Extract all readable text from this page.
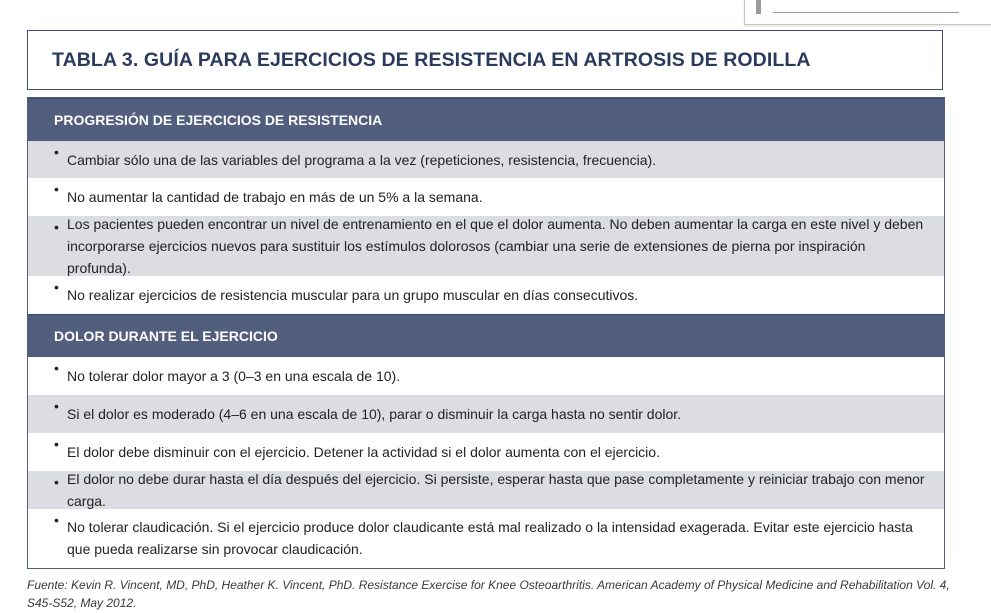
TABLA 3. GUÍA PARA EJERCICIOS DE RESISTENCIA EN ARTROSIS DE RODILLA
PROGRESIÓN DE EJERCICIOS DE RESISTENCIA
• Cambiar sólo una de las variables del programa a la vez (repeticiones, resistencia, frecuencia).
• No aumentar la cantidad de trabajo en más de un 5% a la semana.
• Los pacientes pueden encontrar un nivel de entrenamiento en el que el dolor aumenta. No deben aumentar la carga en este nivel y deben incorporarse ejercicios nuevos para sustituir los estímulos dolorosos (cambiar una serie de extensiones de pierna por inspiración profunda).
• No realizar ejercicios de resistencia muscular para un grupo muscular en días consecutivos.
DOLOR DURANTE EL EJERCICIO
• No tolerar dolor mayor a 3 (0–3 en una escala de 10).
• Si el dolor es moderado (4–6 en una escala de 10), parar o disminuir la carga hasta no sentir dolor.
• El dolor debe disminuir con el ejercicio. Detener la actividad si el dolor aumenta con el ejercicio.
• El dolor no debe durar hasta el día después del ejercicio. Si persiste, esperar hasta que pase completamente y reiniciar trabajo con menor carga.
• No tolerar claudicación. Si el ejercicio produce dolor claudicante está mal realizado o la intensidad exagerada. Evitar este ejercicio hasta que pueda realizarse sin provocar claudicación.
Fuente: Kevin R. Vincent, MD, PhD, Heather K. Vincent, PhD. Resistance Exercise for Knee Osteoarthritis. American Academy of Physical Medicine and Rehabilitation Vol. 4, S45-S52, May 2012.
